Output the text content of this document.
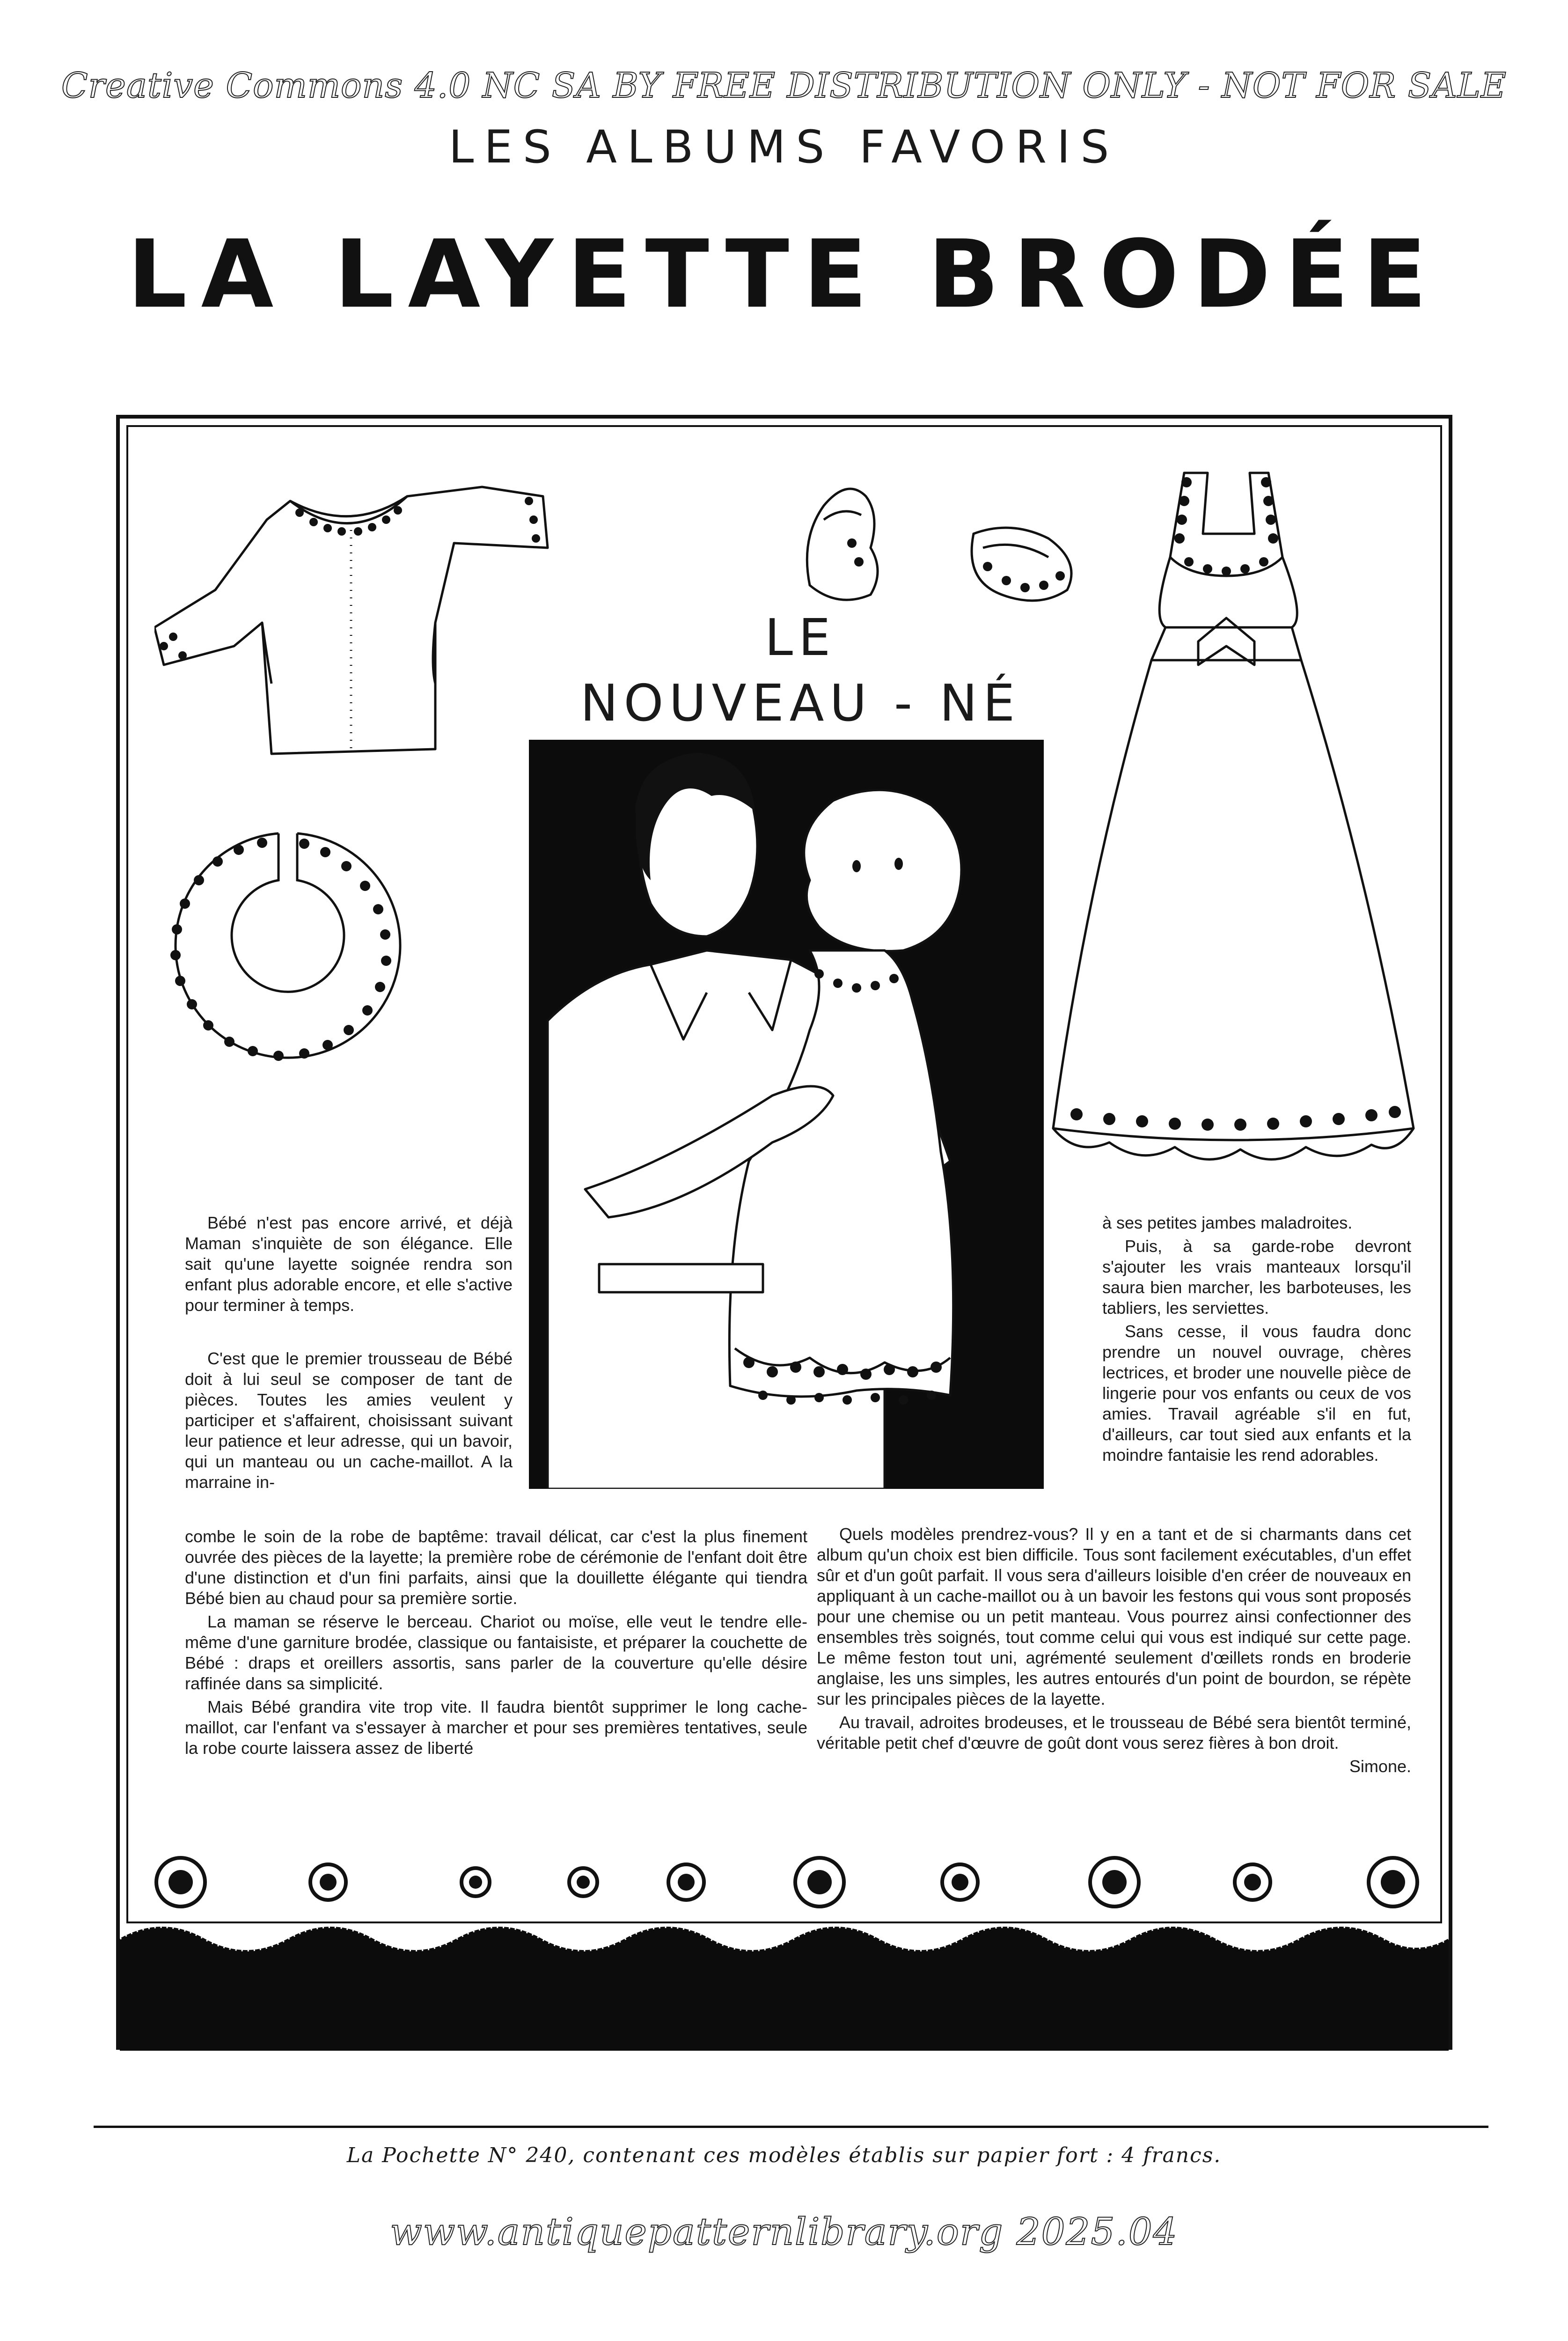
Creative Commons 4.0 NC SA BY FREE DISTRIBUTION ONLY - NOT FOR SALE
LES ALBUMS FAVORIS
LA LAYETTE BRODÉE
LE
NOUVEAU - NÉ

Bébé n'est pas encore arrivé, et déjà Maman s'inquiète de son élégance. Elle sait qu'une layette soignée rendra son enfant plus adorable encore, et elle s'active pour terminer à temps.

C'est que le premier trousseau de Bébé doit à lui seul se composer de tant de pièces. Toutes les amies veulent y participer et s'affairent, choisissant suivant leur patience et leur adresse, qui un bavoir, qui un manteau ou un cache-maillot. A la marraine in-

combe le soin de la robe de baptême: travail délicat, car c'est la plus finement ouvrée des pièces de la layette; la première robe de cérémonie de l'enfant doit être d'une distinction et d'un fini parfaits, ainsi que la douillette élégante qui tiendra Bébé bien au chaud pour sa première sortie.

La maman se réserve le berceau. Chariot ou moïse, elle veut le tendre elle-même d'une garniture brodée, classique ou fantaisiste, et préparer la couchette de Bébé : draps et oreillers assortis, sans parler de la couverture qu'elle désire raffinée dans sa simplicité.

Mais Bébé grandira vite trop vite. Il faudra bientôt supprimer le long cache-maillot, car l'enfant va s'essayer à marcher et pour ses premières tentatives, seule la robe courte laissera assez de liberté

à ses petites jambes maladroites.

Puis, à sa garde-robe devront s'ajouter les vrais manteaux lorsqu'il saura bien marcher, les barboteuses, les tabliers, les serviettes.

Sans cesse, il vous faudra donc prendre un nouvel ouvrage, chères lectrices, et broder une nouvelle pièce de lingerie pour vos enfants ou ceux de vos amies. Travail agréable s'il en fut, d'ailleurs, car tout sied aux enfants et la moindre fantaisie les rend adorables.

Quels modèles prendrez-vous? Il y en a tant et de si charmants dans cet album qu'un choix est bien difficile. Tous sont facilement exécutables, d'un effet sûr et d'un goût parfait. Il vous sera d'ailleurs loisible d'en créer de nouveaux en appliquant à un cache-maillot ou à un bavoir les festons qui vous sont proposés pour une chemise ou un petit manteau. Vous pourrez ainsi confectionner des ensembles très soignés, tout comme celui qui vous est indiqué sur cette page. Le même feston tout uni, agrémenté seulement d'œillets ronds en broderie anglaise, les uns simples, les autres entourés d'un point de bourdon, se répète sur les principales pièces de la layette.

Au travail, adroites brodeuses, et le trousseau de Bébé sera bientôt terminé, véritable petit chef d'œuvre de goût dont vous serez fières à bon droit.

Simone.
La Pochette N° 240, contenant ces modèles établis sur papier fort : 4 francs.
www.antiquepatternlibrary.org 2025.04
